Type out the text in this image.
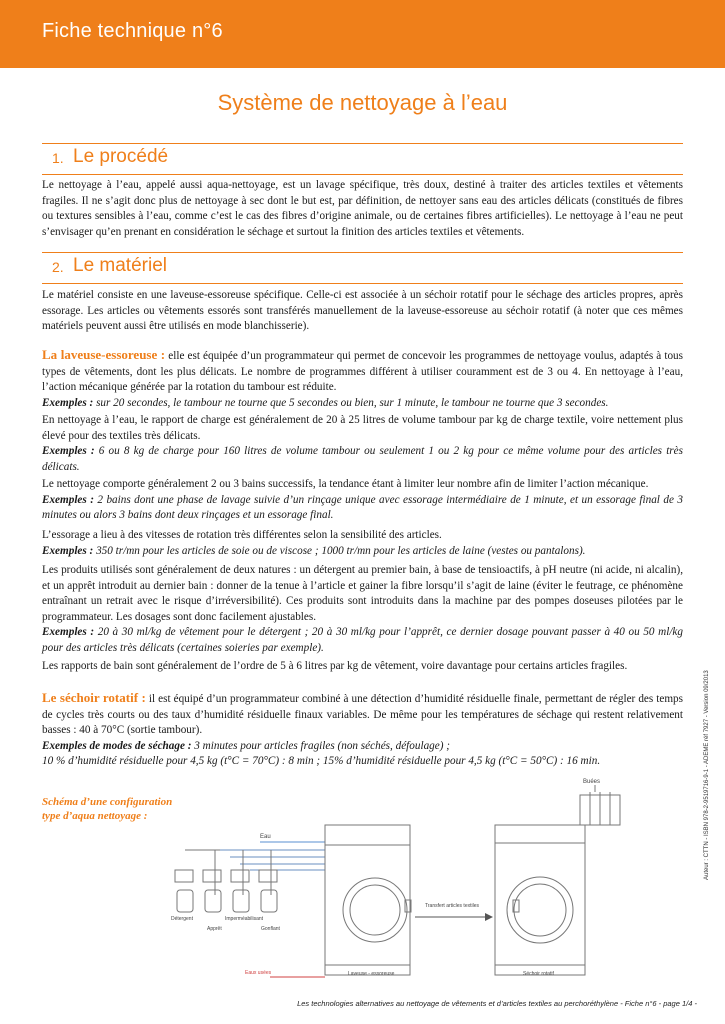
Fiche technique n°6
Système de nettoyage à l’eau
1. Le procédé

Le nettoyage à l’eau, appelé aussi aqua-nettoyage, est un lavage spécifique, très doux, destiné à traiter des articles textiles et vêtements fragiles. Il ne s’agit donc plus de nettoyage à sec dont le but est, par définition, de nettoyer sans eau des articles délicats (constitués de fibres ou textures sensibles à l’eau, comme c’est le cas des fibres d’origine animale, ou de certaines fibres artificielles). Le nettoyage à l’eau ne peut s’envisager qu’en prenant en considération le séchage et surtout la finition des articles textiles et vêtements.

2. Le matériel

Le matériel consiste en une laveuse-essoreuse spécifique. Celle-ci est associée à un séchoir rotatif pour le séchage des articles propres, après essorage. Les articles ou vêtements essorés sont transférés manuellement de la laveuse-essoreuse au séchoir rotatif (à noter que ces mêmes matériels peuvent aussi être utilisés en mode blanchisserie).

La laveuse-essoreuse : elle est équipée d’un programmateur qui permet de concevoir les programmes de nettoyage voulus, adaptés à tous types de vêtements, dont les plus délicats. Le nombre de programmes différent à utiliser couramment est de 3 ou 4. En nettoyage à l’eau, l’action mécanique générée par la rotation du tambour est réduite.
Exemples : sur 20 secondes, le tambour ne tourne que 5 secondes ou bien, sur 1 minute, le tambour ne tourne que 3 secondes.

En nettoyage à l’eau, le rapport de charge est généralement de 20 à 25 litres de volume tambour par kg de charge textile, voire nettement plus élevé pour des textiles très délicats.
Exemples : 6 ou 8 kg de charge pour 160 litres de volume tambour ou seulement 1 ou 2 kg pour ce même volume pour des articles très délicats.

Le nettoyage comporte généralement 2 ou 3 bains successifs, la tendance étant à limiter leur nombre afin de limiter l’action mécanique.
Exemples : 2 bains dont une phase de lavage suivie d’un rinçage unique avec essorage intermédiaire de 1 minute, et un essorage final de 3 minutes ou alors 3 bains dont deux rinçages et un essorage final.

L’essorage a lieu à des vitesses de rotation très différentes selon la sensibilité des articles.
Exemples : 350 tr/mn pour les articles de soie ou de viscose ; 1000 tr/mn pour les articles de laine (vestes ou pantalons).

Les produits utilisés sont généralement de deux natures : un détergent au premier bain, à base de tensioactifs, à pH neutre (ni acide, ni alcalin), et un apprêt introduit au dernier bain : donner de la tenue à l’article et gainer la fibre lorsqu’il s’agit de laine (éviter le feutrage, ce phénomène entraînant un retrait avec le risque d’irréversibilité). Ces produits sont introduits dans la machine par des pompes doseuses pilotées par le programmateur. Les dosages sont donc facilement ajustables.
Exemples : 20 à 30 ml/kg de vêtement pour le détergent ; 20 à 30 ml/kg pour l’apprêt, ce dernier dosage pouvant passer à 40 ou 50 ml/kg pour des articles très délicats (certaines soieries par exemple).

Les rapports de bain sont généralement de l’ordre de 5 à 6 litres par kg de vêtement, voire davantage pour certains articles fragiles.

Le séchoir rotatif : il est équipé d’un programmateur combiné à une détection d’humidité résiduelle finale, permettant de régler des temps de cycles très courts ou des taux d’humidité résiduelle finaux variables. De même pour les températures de séchage qui restent relativement basses : 40 à 70°C (sortie tambour).
Exemples de modes de séchage : 3 minutes pour articles fragiles (non séchés, défoulage) ;
10 % d’humidité résiduelle pour 4,5 kg (t°C = 70°C) : 8 min ; 15% d’humidité résiduelle pour 4,5 kg (t°C = 50°C) : 16 min.

Schéma d’une configuration type d’aqua nettoyage :
Buées
Eau
Détergent	Imperméabilisant
Apprêt	Gonflant
Laveuse - essoreuse
Eaux usées
Transfert articles textiles
Séchoir rotatif
Auteur : CTTN - ISBN 978-2-9519716-9-1 - ADEME réf 7927 - Version 09/2013
Les technologies alternatives au nettoyage de vêtements et d’articles textiles au perchoréthylène - Fiche n°6 - page 1/4 -
